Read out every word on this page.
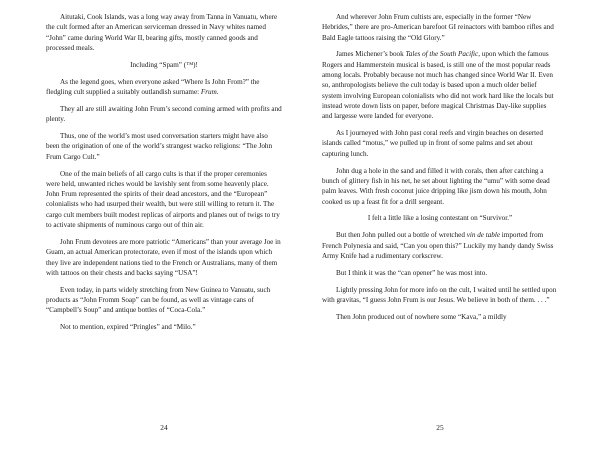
Aitutaki, Cook Islands, was a long way away from Tanna in Vanuatu, where the cult formed after an American serviceman dressed in Navy whites named “John” came during World War II, bearing gifts, mostly canned goods and processed meals.

Including “Spam” (™)!

As the legend goes, when everyone asked “Where Is John From?” the fledgling cult supplied a suitably outlandish surname: Frum.

They all are still awaiting John Frum’s second coming armed with profits and plenty.

Thus, one of the world’s most used conversation starters might have also been the origination of one of the world’s strangest wacko religions: “The John Frum Cargo Cult.”

One of the main beliefs of all cargo cults is that if the proper ceremonies were held, unwanted riches would be lavishly sent from some heavenly place. John Frum represented the spirits of their dead ancestors, and the “European” colonialists who had usurped their wealth, but were still willing to return it. The cargo cult members built modest replicas of airports and planes out of twigs to try to activate shipments of numinous cargo out of thin air.

John Frum devotees are more patriotic “Americans” than your average Joe in Guam, an actual American protectorate, even if most of the islands upon which they live are independent nations tied to the French or Australians, many of them with tattoos on their chests and backs saying “USA”!

Even today, in parts widely stretching from New Guinea to Vanuatu, such products as “John Fromm Soap” can be found, as well as vintage cans of “Campbell’s Soup” and antique bottles of “Coca-Cola.”

Not to mention, expired “Pringles” and “Milo.”

24

And wherever John Frum cultists are, especially in the former “New Hebrides,” there are pro-American barefoot GI reinactors with bamboo rifles and Bald Eagle tattoos raising the “Old Glory.”

James Michener’s book Tales of the South Pacific, upon which the famous Rogers and Hammerstein musical is based, is still one of the most popular reads among locals. Probably because not much has changed since World War II. Even so, anthropologists believe the cult today is based upon a much older belief system involving European colonialists who did not work hard like the locals but instead wrote down lists on paper, before magical Christmas Day-like supplies and largesse were landed for everyone.

As I journeyed with John past coral reefs and virgin beaches on deserted islands called “motus,” we pulled up in front of some palms and set about capturing lunch.

John dug a hole in the sand and filled it with corals, then after catching a bunch of glittery fish in his net, he set about lighting the “umu” with some dead palm leaves. With fresh coconut juice dripping like jism down his mouth, John cooked us up a feast fit for a drill sergeant.

I felt a little like a losing contestant on “Survivor.”

But then John pulled out a bottle of wretched vin de table imported from French Polynesia and said, “Can you open this?” Luckily my handy dandy Swiss Army Knife had a rudimentary corkscrew.

But I think it was the “can opener” he was most into.

Lightly pressing John for more info on the cult, I waited until he settled upon with gravitas, “I guess John Frum is our Jesus. We believe in both of them. . . .”

Then John produced out of nowhere some “Kava,” a mildly

25
